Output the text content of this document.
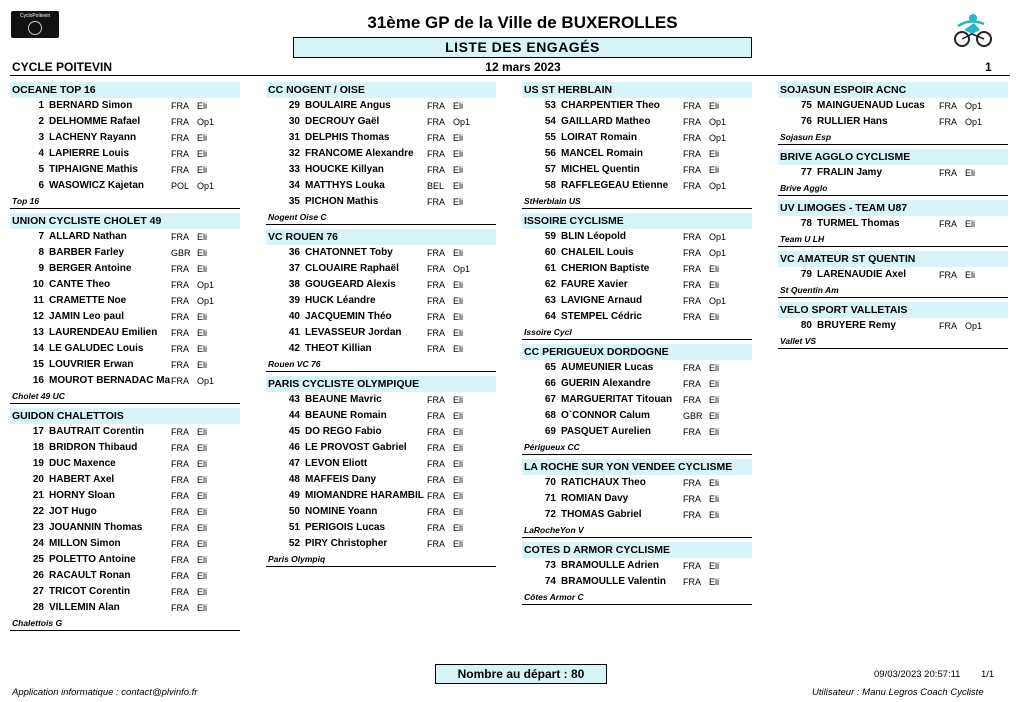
CycloPoitevin	31ème GP de la Ville de BUXEROLLES
LISTE DES ENGAGÉS
CYCLE POITEVIN	12 mars 2023	1
OCEANE TOP 16
1 BERNARD Simon	FRA Eli
2 DELHOMME Rafael	FRA Op1
3 LACHENY Rayann	FRA Eli
4 LAPIERRE Louis	FRA Eli
5 TIPHAIGNE Mathis	FRA Eli
6 WASOWICZ Kajetan	POL Op1
Top 16
UNION CYCLISTE CHOLET 49
7 ALLARD Nathan	FRA Eli
8 BARBER Farley	GBR Eli
9 BERGER Antoine	FRA Eli
10 CANTE Theo	FRA Op1
11 CRAMETTE Noe	FRA Op1
12 JAMIN Leo paul	FRA Eli
13 LAURENDEAU Emilien	FRA Eli
14 LE GALUDEC Louis	FRA Eli
15 LOUVRIER Erwan	FRA Eli
16 MOUROT BERNADAC Ma FRA Op1
Cholet 49 UC
GUIDON CHALETTOIS
17 BAUTRAIT Corentin	FRA Eli
18 BRIDRON Thibaud	FRA Eli
19 DUC Maxence	FRA Eli
20 HABERT Axel	FRA Eli
21 HORNY Sloan	FRA Eli
22 JOT Hugo	FRA Eli
23 JOUANNIN Thomas	FRA Eli
24 MILLON Simon	FRA Eli
25 POLETTO Antoine	FRA Eli
26 RACAULT Ronan	FRA Eli
27 TRICOT Corentin	FRA Eli
28 VILLEMIN Alan	FRA Eli
Chalettois G
CC NOGENT / OISE
29 BOULAIRE Angus	FRA Eli
30 DECROUY Gaël	FRA Op1
31 DELPHIS Thomas	FRA Eli
32 FRANCOME Alexandre	FRA Eli
33 HOUCKE Killyan	FRA Eli
34 MATTHYS Louka	BEL Eli
35 PICHON Mathis	FRA Eli
Nogent Oise C
VC ROUEN 76
36 CHATONNET Toby	FRA Eli
37 CLOUAIRE Raphaël	FRA Op1
38 GOUGEARD Alexis	FRA Eli
39 HUCK Léandre	FRA Eli
40 JACQUEMIN Théo	FRA Eli
41 LEVASSEUR Jordan	FRA Eli
42 THEOT Killian	FRA Eli
Rouen VC 76
PARIS CYCLISTE OLYMPIQUE
43 BEAUNE Mavric	FRA Eli
44 BEAUNE Romain	FRA Eli
45 DO REGO Fabio	FRA Eli
46 LE PROVOST Gabriel	FRA Eli
47 LEVON Eliott	FRA Eli
48 MAFFEIS Dany	FRA Eli
49 MIOMANDRE HARAMBIL FRA Eli
50 NOMINE Yoann	FRA Eli
51 PERIGOIS Lucas	FRA Eli
52 PIRY Christopher	FRA Eli
Paris Olympiq
US ST HERBLAIN
53 CHARPENTIER Theo	FRA Eli
54 GAILLARD Matheo	FRA Op1
55 LOIRAT Romain	FRA Op1
56 MANCEL Romain	FRA Eli
57 MICHEL Quentin	FRA Eli
58 RAFFLEGEAU Etienne	FRA Op1
StHerblain US
ISSOIRE CYCLISME
59 BLIN Léopold	FRA Op1
60 CHALEIL Louis	FRA Op1
61 CHERION Baptiste	FRA Eli
62 FAURE Xavier	FRA Eli
63 LAVIGNE Arnaud	FRA Op1
64 STEMPEL Cédric	FRA Eli
Issoire Cycl
CC PERIGUEUX DORDOGNE
65 AUMEUNIER Lucas	FRA Eli
66 GUERIN Alexandre	FRA Eli
67 MARGUERITAT Titouan	FRA Eli
68 O`CONNOR Calum	GBR Eli
69 PASQUET Aurelien	FRA Eli
Périgueux CC
LA ROCHE SUR YON VENDEE CYCLISME
70 RATICHAUX Theo	FRA Eli
71 ROMIAN Davy	FRA Eli
72 THOMAS Gabriel	FRA Eli
LaRocheYon V
COTES D ARMOR CYCLISME
73 BRAMOULLE Adrien	FRA Eli
74 BRAMOULLE Valentin	FRA Eli
Côtes Armor C
SOJASUN ESPOIR ACNC
75 MAINGUENAUD Lucas	FRA Op1
76 RULLIER Hans	FRA Op1
Sojasun Esp
BRIVE AGGLO CYCLISME
77 FRALIN Jamy	FRA Eli
Brive Agglo
UV LIMOGES - TEAM U87
78 TURMEL Thomas	FRA Eli
Team U LH
VC AMATEUR ST QUENTIN
79 LARENAUDIE Axel	FRA Eli
St Quentin Am
VELO SPORT VALLETAIS
80 BRUYERE Remy	FRA Op1
Vallet VS
Nombre au départ : 80	09/03/2023 20:57:11 1/1
Application informatique : contact@plvinfo.fr	Utilisateur : Manu Legros Coach Cycliste
